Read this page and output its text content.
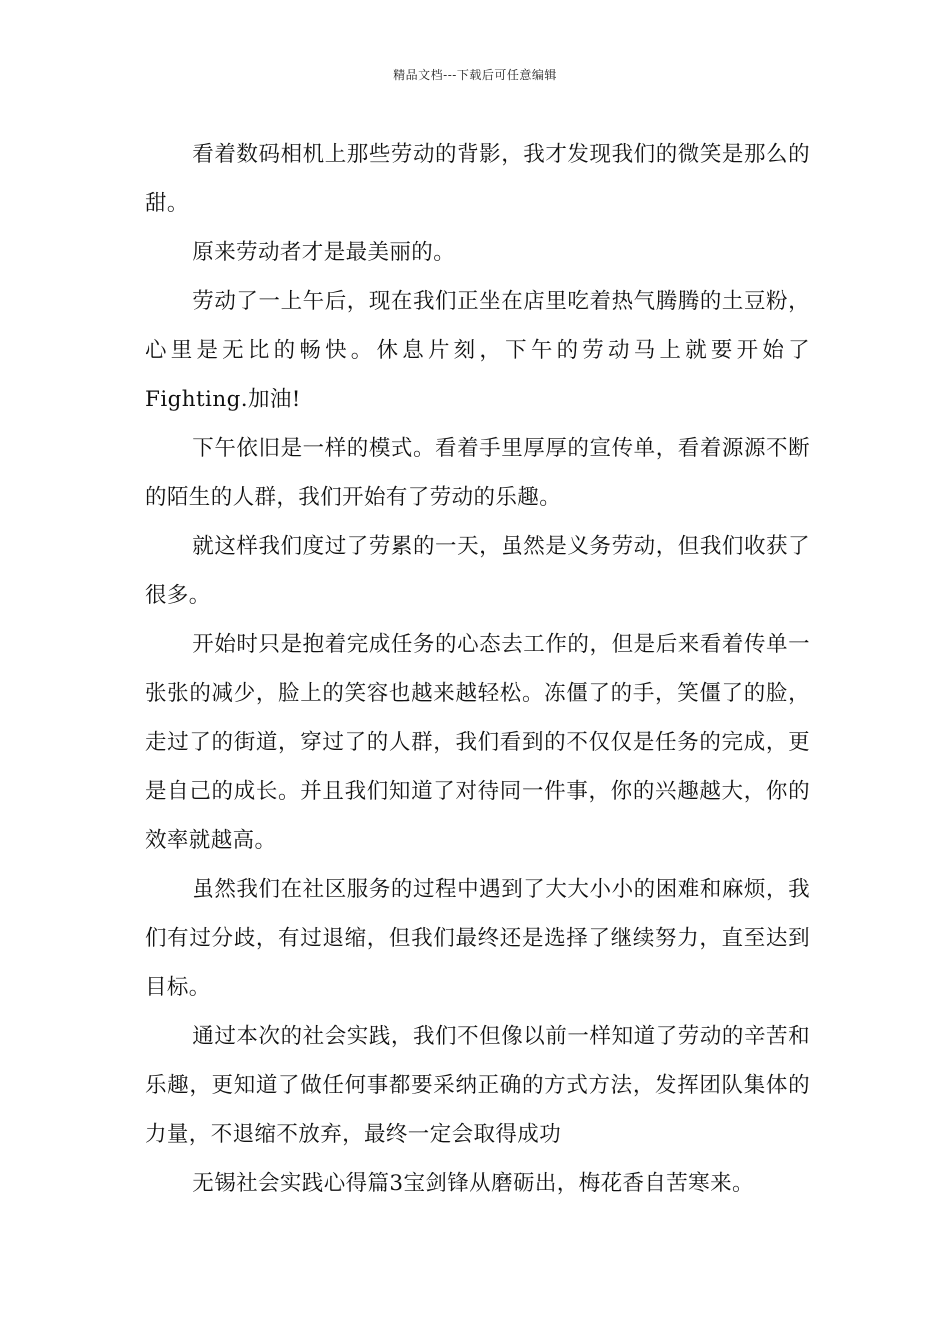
精品文档---下载后可任意编辑

看着数码相机上那些劳动的背影，我才发现我们的微笑是那么的甜。

原来劳动者才是最美丽的。

劳动了一上午后，现在我们正坐在店里吃着热气腾腾的土豆粉，心里是无比的畅快。休息片刻，下午的劳动马上就要开始了Fighting.加油!

下午依旧是一样的模式。看着手里厚厚的宣传单，看着源源不断的陌生的人群，我们开始有了劳动的乐趣。

就这样我们度过了劳累的一天，虽然是义务劳动，但我们收获了很多。

开始时只是抱着完成任务的心态去工作的，但是后来看着传单一张张的减少，脸上的笑容也越来越轻松。冻僵了的手，笑僵了的脸，走过了的街道，穿过了的人群，我们看到的不仅仅是任务的完成，更是自己的成长。并且我们知道了对待同一件事，你的兴趣越大，你的效率就越高。

虽然我们在社区服务的过程中遇到了大大小小的困难和麻烦，我们有过分歧，有过退缩，但我们最终还是选择了继续努力，直至达到目标。

通过本次的社会实践，我们不但像以前一样知道了劳动的辛苦和乐趣，更知道了做任何事都要采纳正确的方式方法，发挥团队集体的力量，不退缩不放弃，最终一定会取得成功

无锡社会实践心得篇3宝剑锋从磨砺出，梅花香自苦寒来。
